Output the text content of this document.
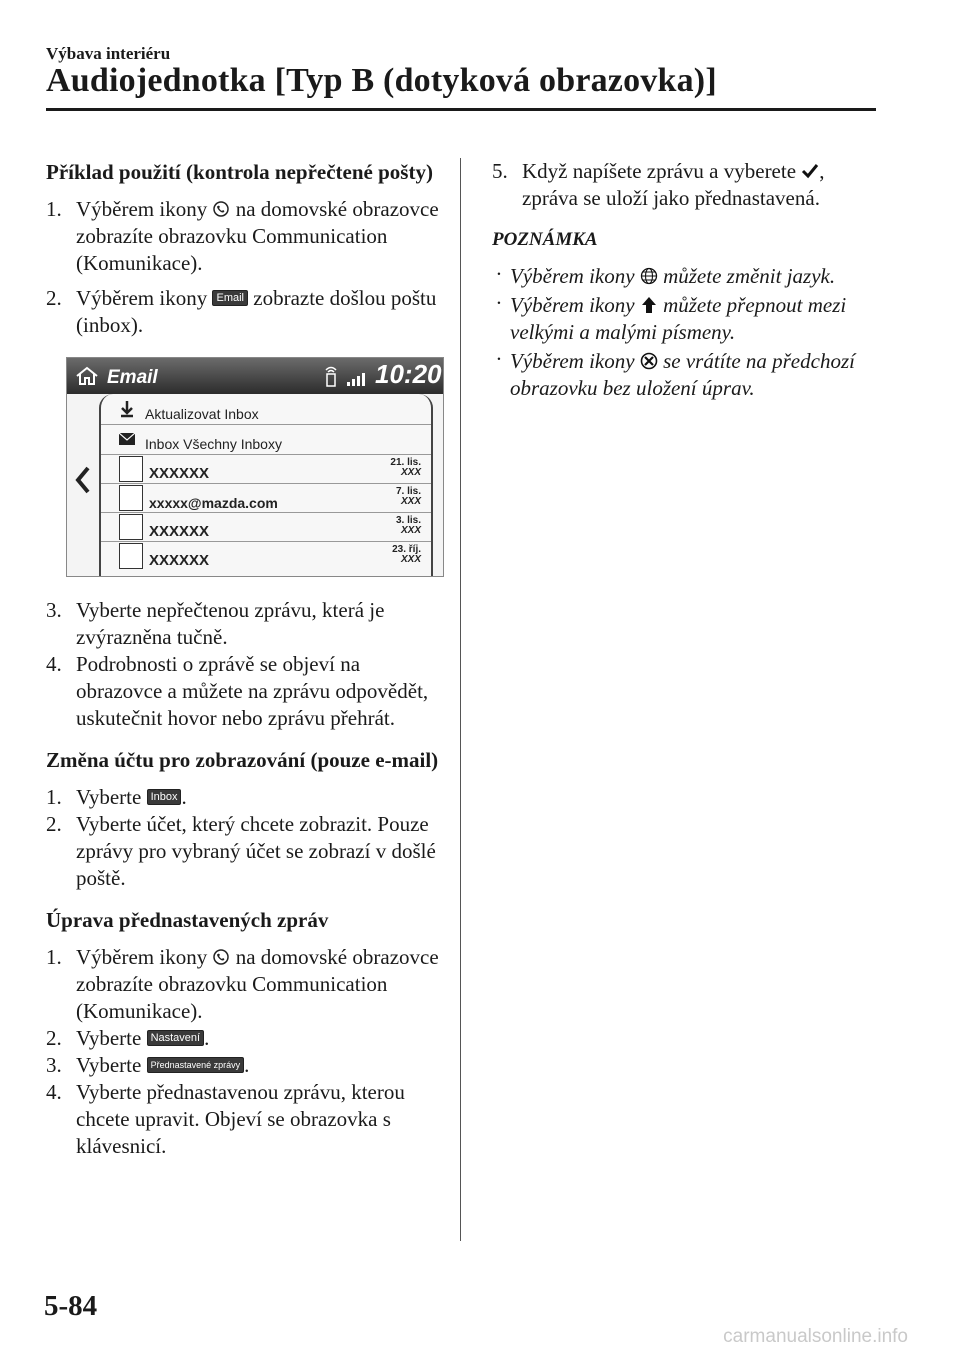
Výbava interiéru
Audiojednotka [Typ B (dotyková obrazovka)]

Příklad použití (kontrola nepřečtené pošty)

1. Výběrem ikony na domovské obrazovce zobrazíte obrazovku Communication (Komunikace).

2. Výběrem ikony Email zobrazte došlou poštu (inbox).

Email	10:20
Aktualizovat Inbox
Inbox Všechny Inboxy
XXXXXX
21. lis.
XXX
xxxxx@mazda.com
7. lis.
XXX
XXXXXX
3. lis.
XXX
XXXXXX
23. říj.
XXX

3. Vyberte nepřečtenou zprávu, která je zvýrazněna tučně.

4. Podrobnosti o zprávě se objeví na obrazovce a můžete na zprávu odpovědět, uskutečnit hovor nebo zprávu přehrát.

Změna účtu pro zobrazování (pouze e-mail)

1. Vyberte Inbox .

2. Vyberte účet, který chcete zobrazit. Pouze zprávy pro vybraný účet se zobrazí v došlé poště.

Úprava přednastavených zpráv

1. Výběrem ikony na domovské obrazovce zobrazíte obrazovku Communication (Komunikace).

2. Vyberte Nastavení .

3. Vyberte Přednastavené zprávy .

4. Vyberte přednastavenou zprávu, kterou chcete upravit. Objeví se obrazovka s klávesnicí.

5. Když napíšete zprávu a vyberete , zpráva se uloží jako přednastavená.

POZNÁMKA

· Výběrem ikony můžete změnit jazyk.

· Výběrem ikony můžete přepnout mezi velkými a malými písmeny.

· Výběrem ikony se vrátíte na předchozí obrazovku bez uložení úprav.

5-84
carmanualsonline.info
